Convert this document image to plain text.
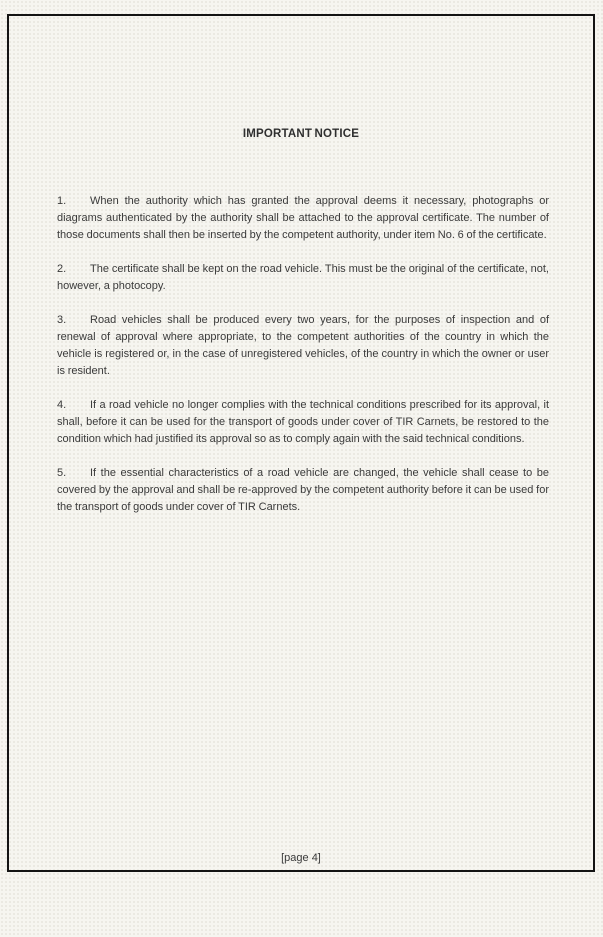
IMPORTANT NOTICE

1. When the authority which has granted the approval deems it necessary, photographs or diagrams authenticated by the authority shall be attached to the approval certificate. The number of those documents shall then be inserted by the competent authority, under item No. 6 of the certificate.

2. The certificate shall be kept on the road vehicle. This must be the original of the certificate, not, however, a photocopy.

3. Road vehicles shall be produced every two years, for the purposes of inspection and of renewal of approval where appropriate, to the competent authorities of the country in which the vehicle is registered or, in the case of unregistered vehicles, of the country in which the owner or user is resident.

4. If a road vehicle no longer complies with the technical conditions prescribed for its approval, it shall, before it can be used for the transport of goods under cover of TIR Carnets, be restored to the condition which had justified its approval so as to comply again with the said technical conditions.

5. If the essential characteristics of a road vehicle are changed, the vehicle shall cease to be covered by the approval and shall be re-approved by the competent authority before it can be used for the transport of goods under cover of TIR Carnets.

[page 4]
